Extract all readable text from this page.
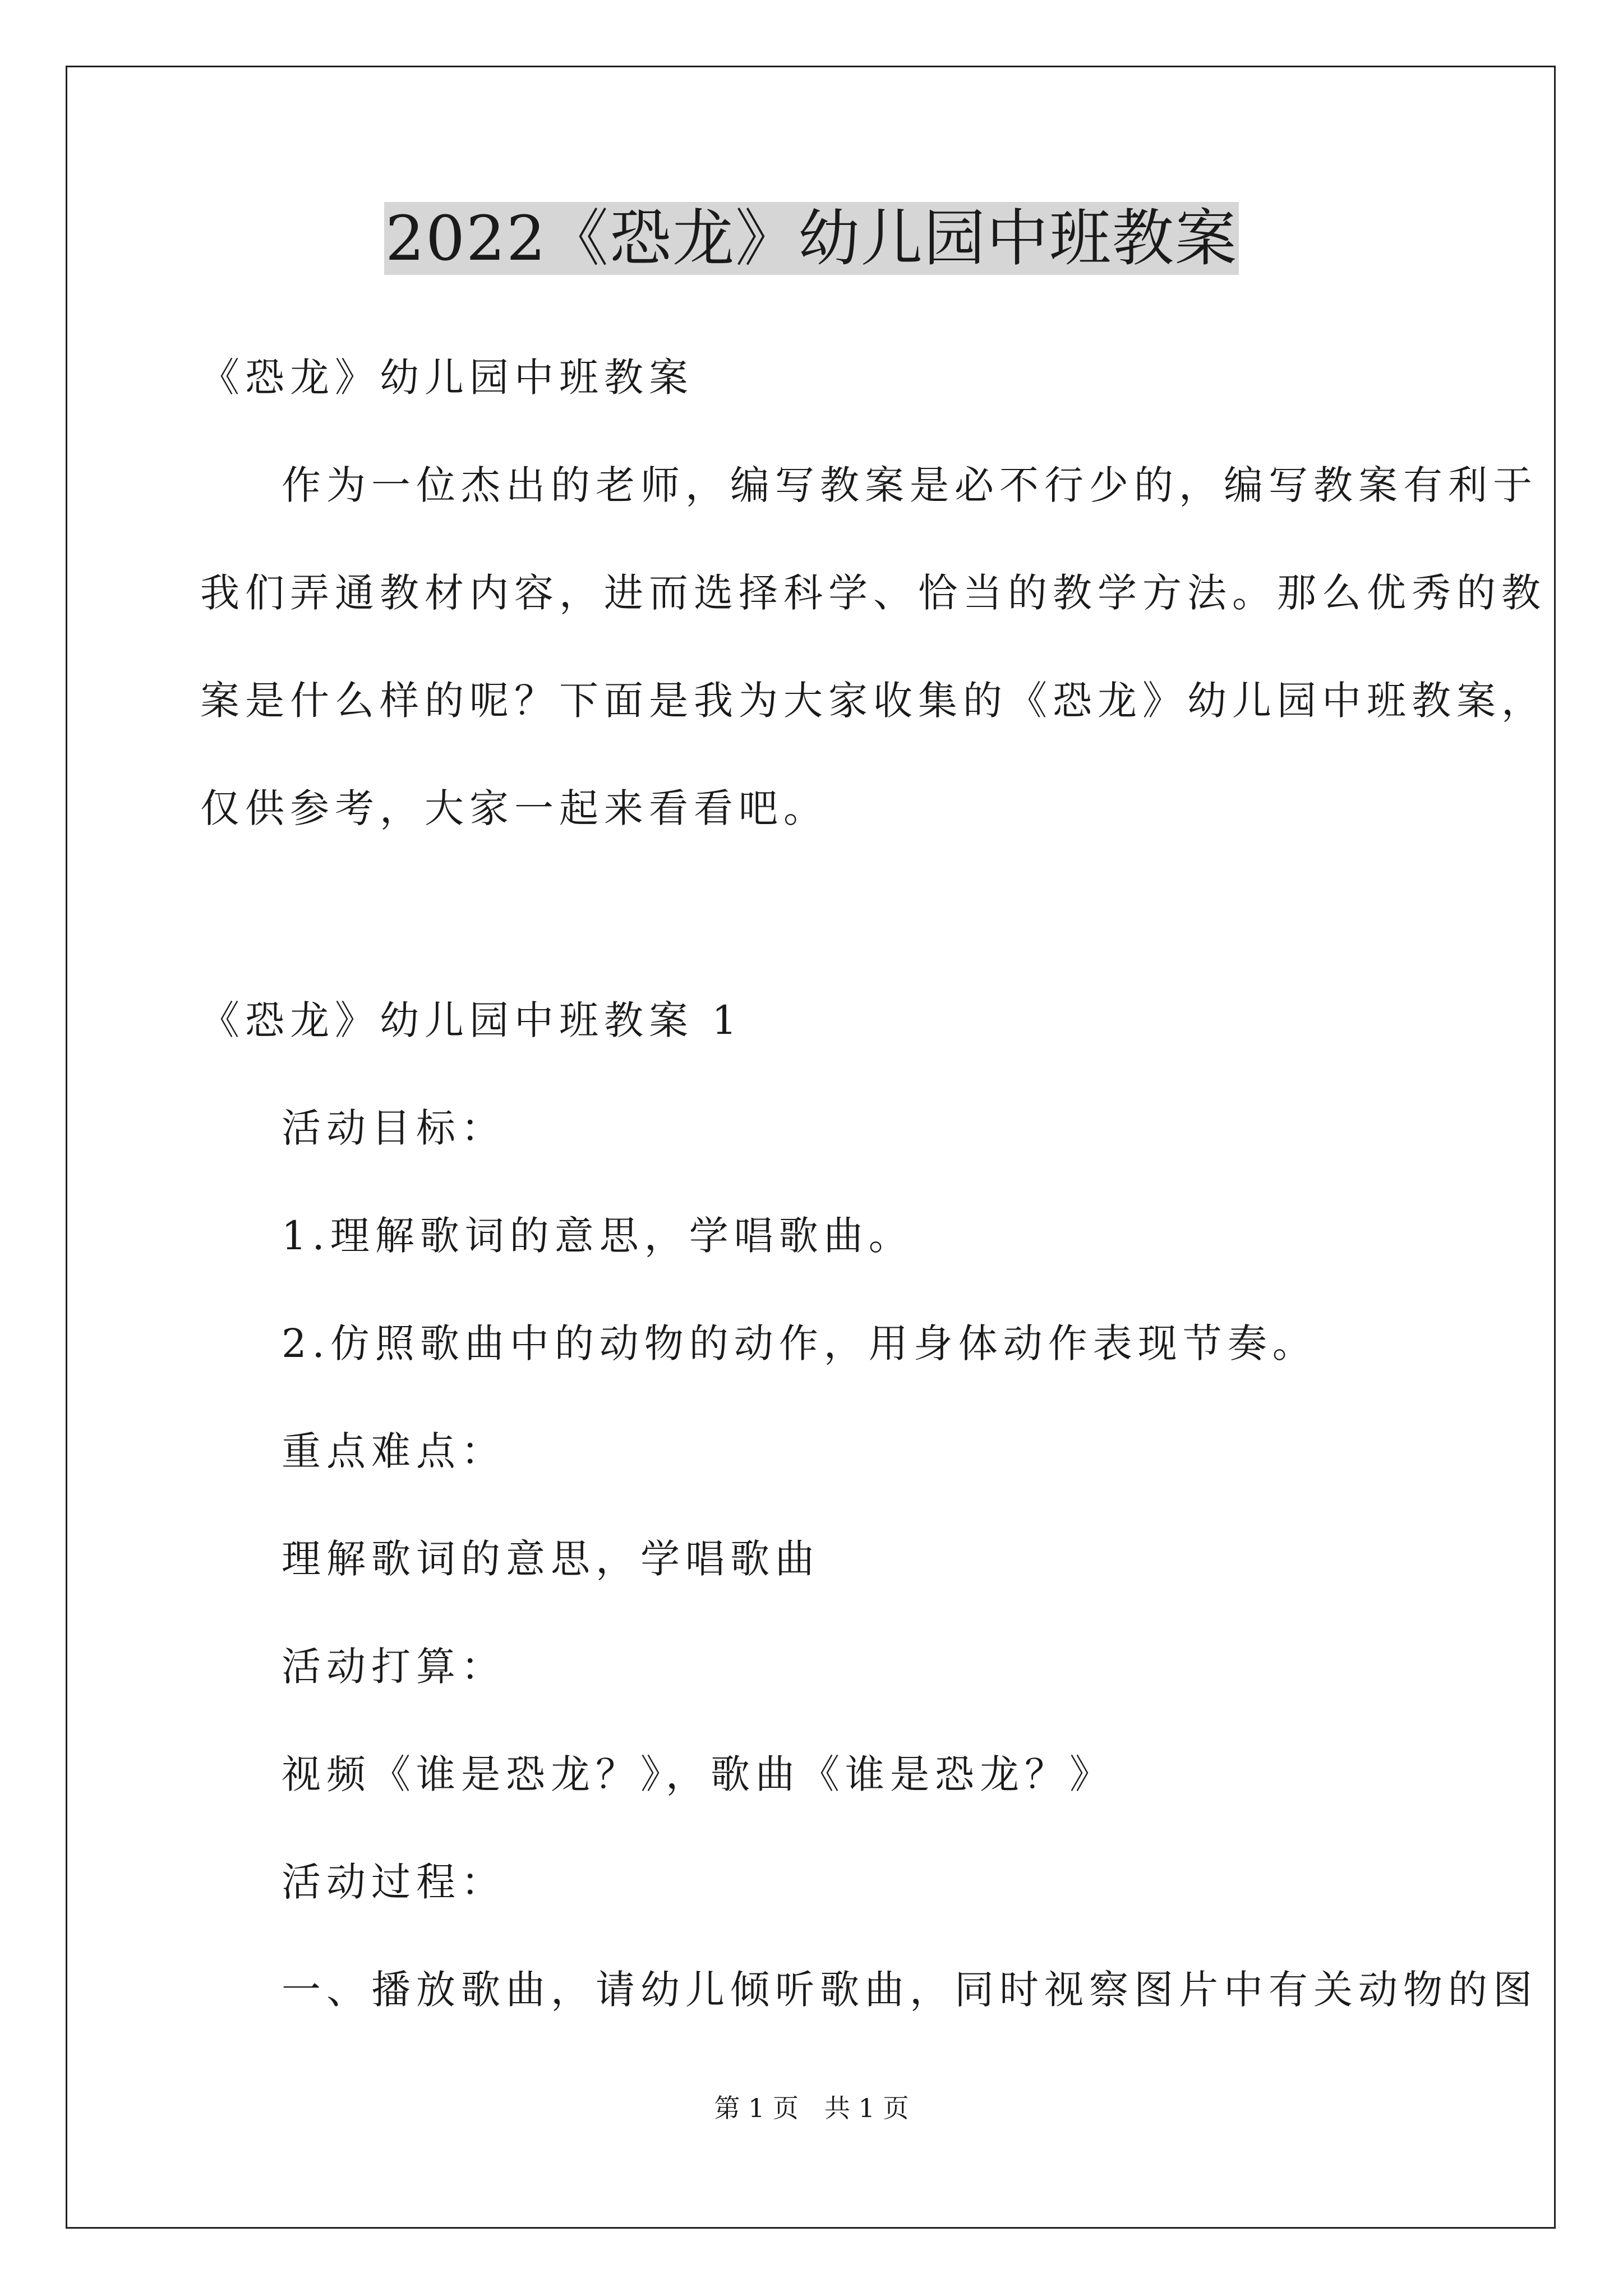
2022《恐龙》幼儿园中班教案
《恐龙》幼儿园中班教案
作为一位杰出的老师，编写教案是必不行少的，编写教案有利于
我们弄通教材内容，进而选择科学、恰当的教学方法。那么优秀的教
案是什么样的呢？下面是我为大家收集的《恐龙》幼儿园中班教案，
仅供参考，大家一起来看看吧。
《恐龙》幼儿园中班教案 1
活动目标：
1.理解歌词的意思，学唱歌曲。
2.仿照歌曲中的动物的动作，用身体动作表现节奏。
重点难点：
理解歌词的意思，学唱歌曲
活动打算：
视频《谁是恐龙？》，歌曲《谁是恐龙？》
活动过程：
一、播放歌曲，请幼儿倾听歌曲，同时视察图片中有关动物的图
第 1 页　共 1 页
